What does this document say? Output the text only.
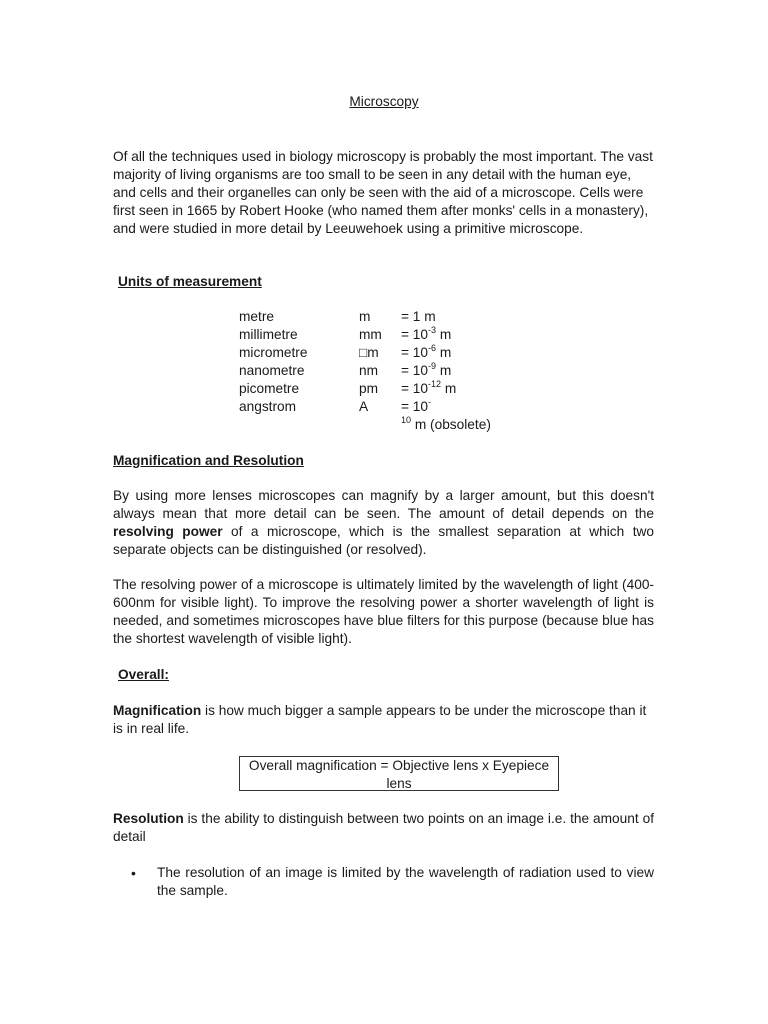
Microscopy
Of all the techniques used in biology microscopy is probably the most important. The vast majority of living organisms are too small to be seen in any detail with the human eye, and cells and their organelles can only be seen with the aid of a microscope. Cells were first seen in 1665 by Robert Hooke (who named them after monks' cells in a monastery), and were studied in more detail by Leeuwehoek using a primitive microscope.
Units of measurement
metre	m = 1 m
millimetre	mm = $10^{-3}$ m
micrometre	□m = $10^{-6}$ m
nanometre	nm = $10^{-9}$ m
picometre	pm = $10^{-12}$ m
angstrom	A = 10-
$^{10}$ m (obsolete)
Magnification and Resolution
By using more lenses microscopes can magnify by a larger amount, but this doesn't always mean that more detail can be seen. The amount of detail depends on the resolving power of a microscope, which is the smallest separation at which two separate objects can be distinguished (or resolved).
The resolving power of a microscope is ultimately limited by the wavelength of light (400-600nm for visible light). To improve the resolving power a shorter wavelength of light is needed, and sometimes microscopes have blue filters for this purpose (because blue has the shortest wavelength of visible light).
Overall:
Magnification is how much bigger a sample appears to be under the microscope than it is in real life.
Overall magnification = Objective lens x Eyepiece lens
Resolution is the ability to distinguish between two points on an image i.e. the amount of detail
• The resolution of an image is limited by the wavelength of radiation used to view the sample.
